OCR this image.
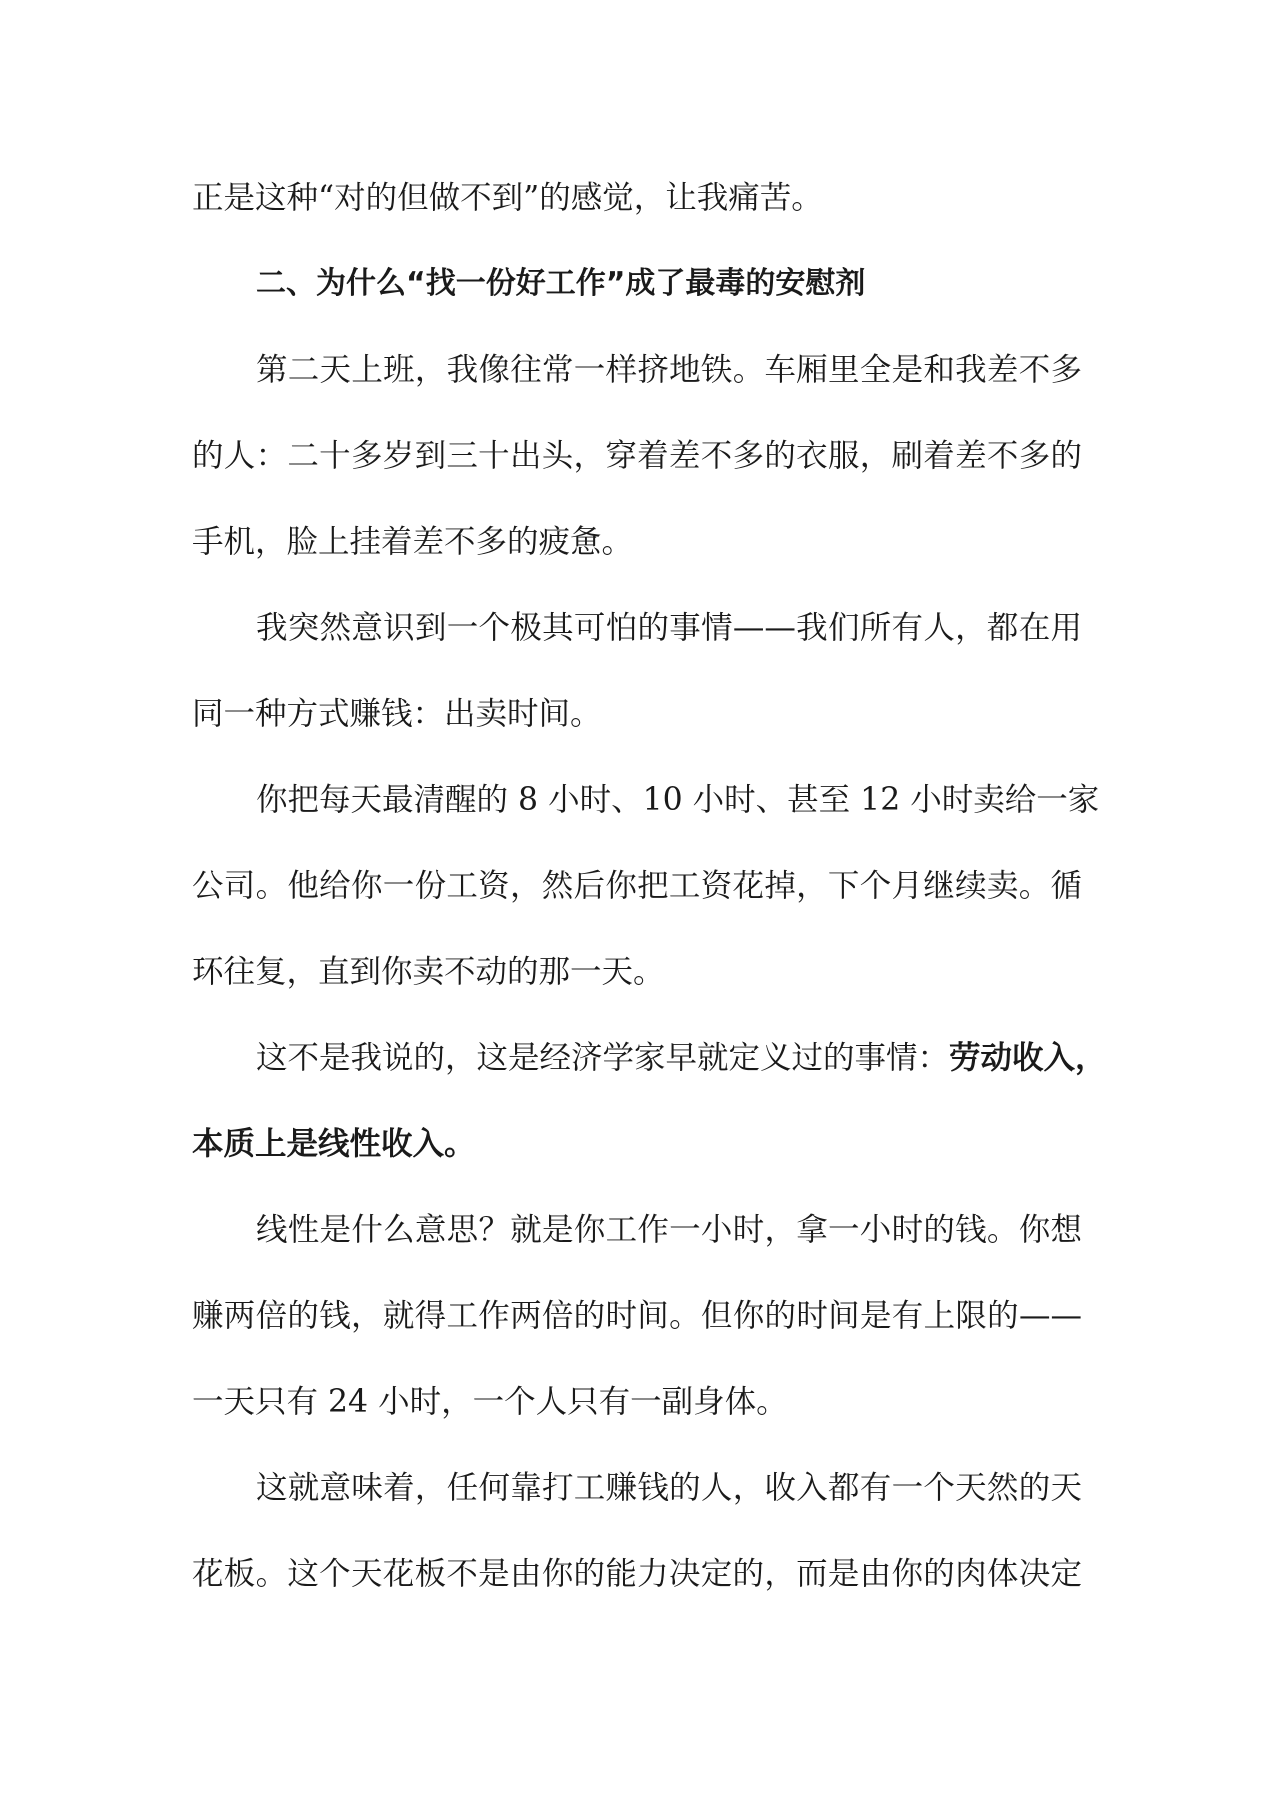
正是这种“对的但做不到”的感觉，让我痛苦。
二、为什么“找一份好工作”成了最毒的安慰剂
第二天上班，我像往常一样挤地铁。车厢里全是和我差不多
的人：二十多岁到三十出头，穿着差不多的衣服，刷着差不多的
手机，脸上挂着差不多的疲惫。
我突然意识到一个极其可怕的事情——我们所有人，都在用
同一种方式赚钱：出卖时间。
你把每天最清醒的 8 小时、10 小时、甚至 12 小时卖给一家
公司。他给你一份工资，然后你把工资花掉，下个月继续卖。循
环往复，直到你卖不动的那一天。
这不是我说的，这是经济学家早就定义过的事情：劳动收入，
本质上是线性收入。
线性是什么意思？就是你工作一小时，拿一小时的钱。你想
赚两倍的钱，就得工作两倍的时间。但你的时间是有上限的——
一天只有 24 小时，一个人只有一副身体。
这就意味着，任何靠打工赚钱的人，收入都有一个天然的天
花板。这个天花板不是由你的能力决定的，而是由你的肉体决定
